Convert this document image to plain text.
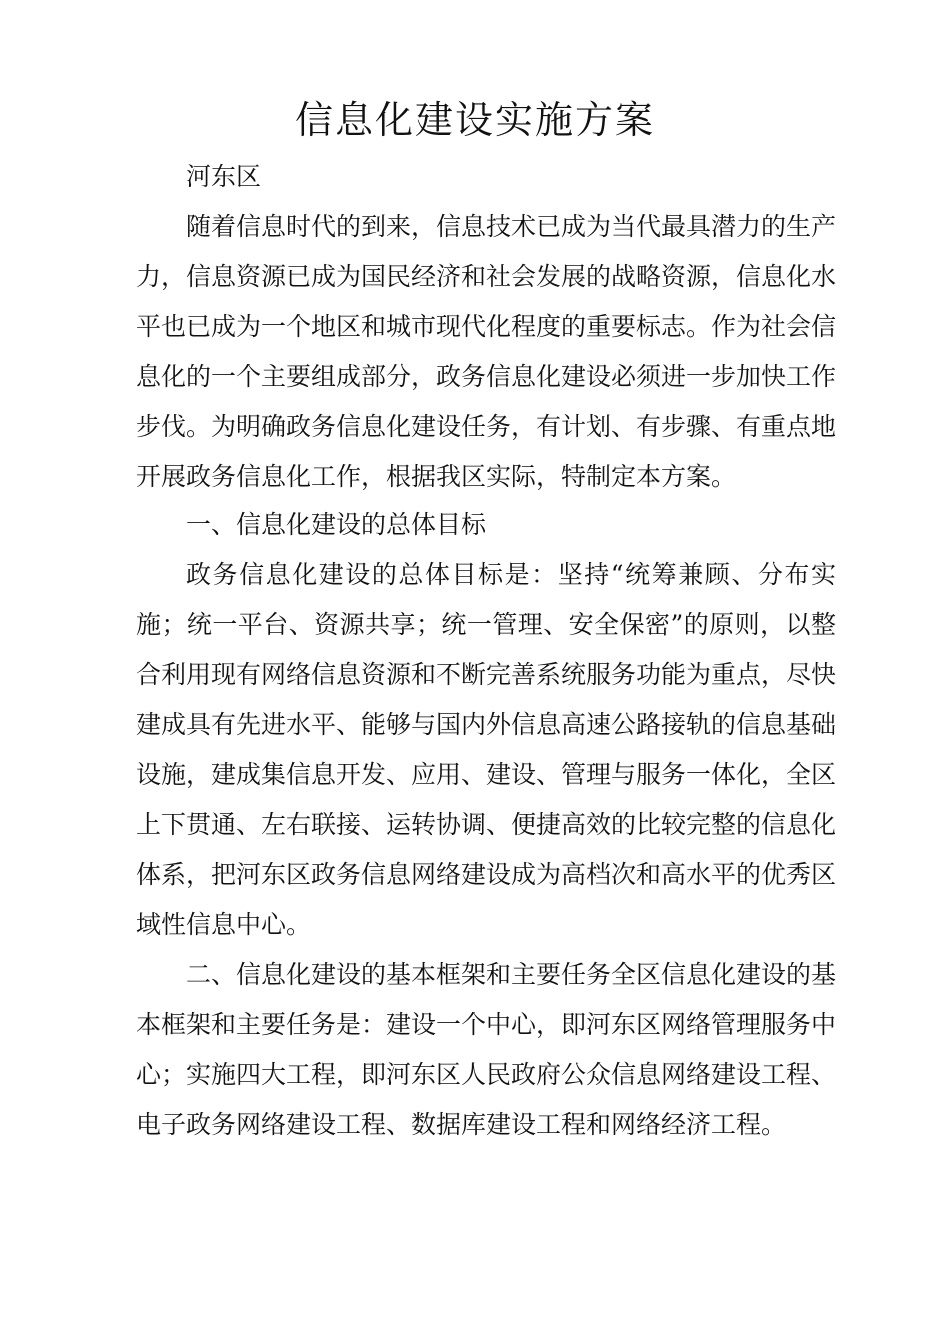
信息化建设实施方案

河东区

随着信息时代的到来，信息技术已成为当代最具潜力的生产力，信息资源已成为国民经济和社会发展的战略资源，信息化水平也已成为一个地区和城市现代化程度的重要标志。作为社会信息化的一个主要组成部分，政务信息化建设必须进一步加快工作步伐。为明确政务信息化建设任务，有计划、有步骤、有重点地开展政务信息化工作，根据我区实际，特制定本方案。

一、信息化建设的总体目标

政务信息化建设的总体目标是：坚持“统筹兼顾、分布实施；统一平台、资源共享；统一管理、安全保密”的原则，以整合利用现有网络信息资源和不断完善系统服务功能为重点，尽快建成具有先进水平、能够与国内外信息高速公路接轨的信息基础设施，建成集信息开发、应用、建设、管理与服务一体化，全区上下贯通、左右联接、运转协调、便捷高效的比较完整的信息化体系，把河东区政务信息网络建设成为高档次和高水平的优秀区域性信息中心。

二、信息化建设的基本框架和主要任务全区信息化建设的基本框架和主要任务是：建设一个中心，即河东区网络管理服务中心；实施四大工程，即河东区人民政府公众信息网络建设工程、电子政务网络建设工程、数据库建设工程和网络经济工程。
